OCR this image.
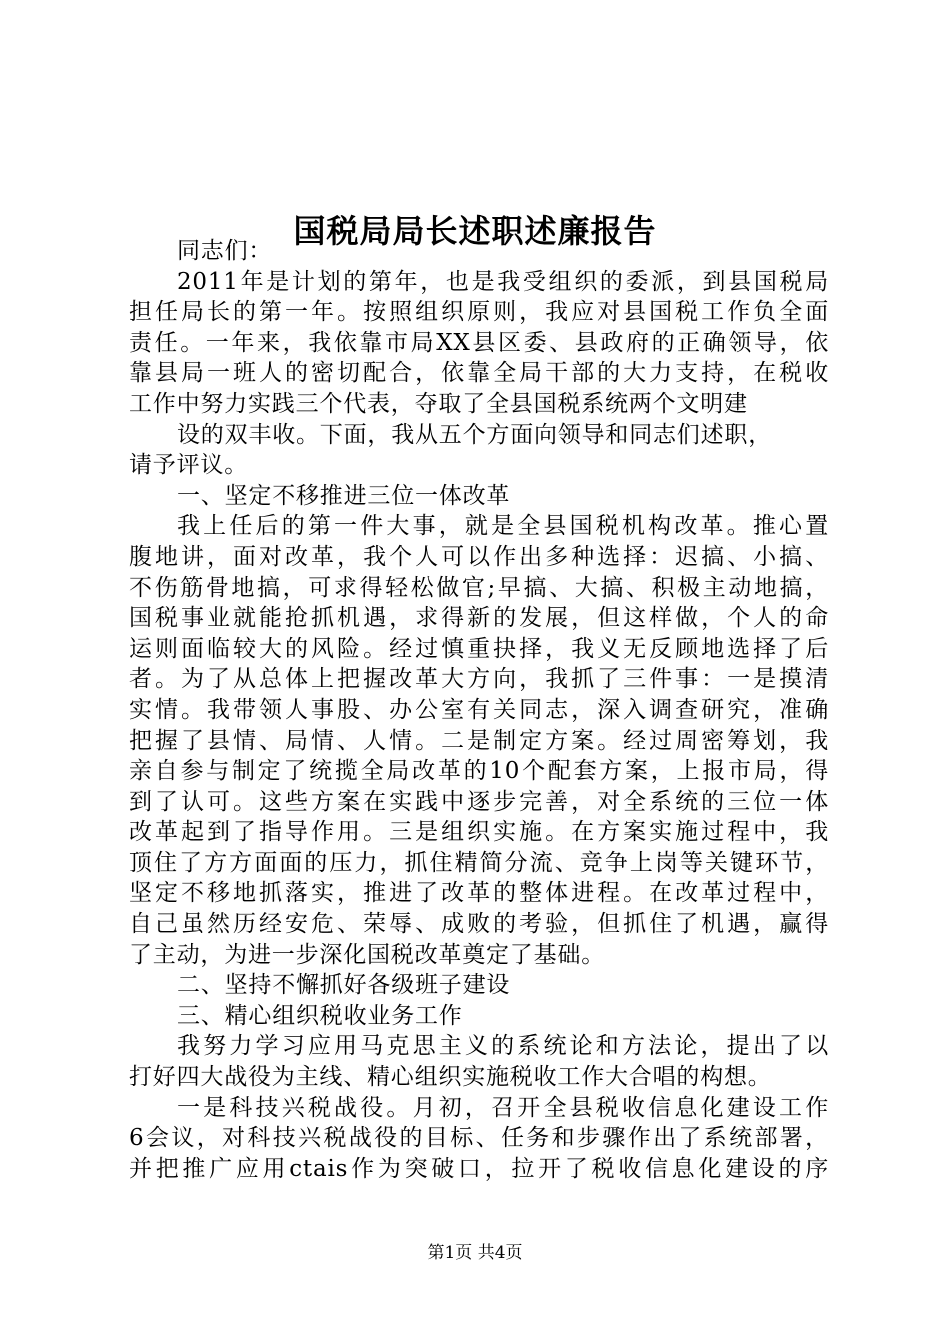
国税局局长述职述廉报告
同志们：
2011年是计划的第年，也是我受组织的委派，到县国税局
担任局长的第一年。按照组织原则，我应对县国税工作负全面
责任。一年来，我依靠市局XX县区委、县政府的正确领导，依
靠县局一班人的密切配合，依靠全局干部的大力支持，在税收
工作中努力实践三个代表，夺取了全县国税系统两个文明建
设的双丰收。下面，我从五个方面向领导和同志们述职，
请予评议。
一、坚定不移推进三位一体改革
我上任后的第一件大事，就是全县国税机构改革。推心置
腹地讲，面对改革，我个人可以作出多种选择：迟搞、小搞、
不伤筋骨地搞，可求得轻松做官;早搞、大搞、积极主动地搞，
国税事业就能抢抓机遇，求得新的发展，但这样做，个人的命
运则面临较大的风险。经过慎重抉择，我义无反顾地选择了后
者。为了从总体上把握改革大方向，我抓了三件事：一是摸清
实情。我带领人事股、办公室有关同志，深入调查研究，准确
把握了县情、局情、人情。二是制定方案。经过周密筹划，我
亲自参与制定了统揽全局改革的10个配套方案，上报市局，得
到了认可。这些方案在实践中逐步完善，对全系统的三位一体
改革起到了指导作用。三是组织实施。在方案实施过程中，我
顶住了方方面面的压力，抓住精简分流、竞争上岗等关键环节，
坚定不移地抓落实，推进了改革的整体进程。在改革过程中，
自己虽然历经安危、荣辱、成败的考验，但抓住了机遇，赢得
了主动，为进一步深化国税改革奠定了基础。
二、坚持不懈抓好各级班子建设
三、精心组织税收业务工作
我努力学习应用马克思主义的系统论和方法论，提出了以
打好四大战役为主线、精心组织实施税收工作大合唱的构想。
一是科技兴税战役。月初，召开全县税收信息化建设工作
6会议，对科技兴税战役的目标、任务和步骤作出了系统部署，
并把推广应用ctais作为突破口，拉开了税收信息化建设的序
第1页 共4页
